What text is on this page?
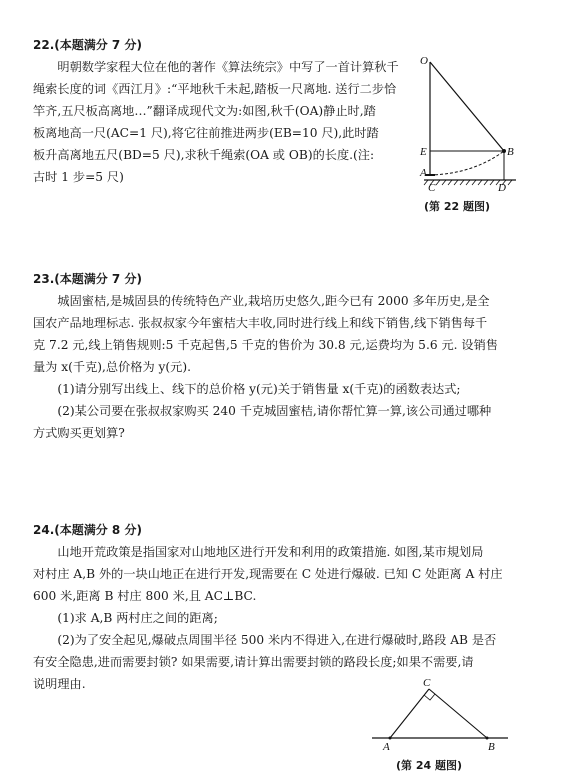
22.(本题满分 7 分)

明朝数学家程大位在他的著作《算法统宗》中写了一首计算秋千

绳索长度的词《西江月》:“平地秋千未起,踏板一尺离地. 送行二步恰

竿齐,五尺板高离地…”翻译成现代文为:如图,秋千(OA)静止时,踏

板离地高一尺(AC=1 尺),将它往前推进两步(EB=10 尺),此时踏

板升高离地五尺(BD=5 尺),求秋千绳索(OA 或 OB)的长度.(注:

古时 1 步=5 尺)

O
E
A
B
C	D
(第 22 题图)
23.(本题满分 7 分)

城固蜜桔,是城固县的传统特色产业,栽培历史悠久,距今已有 2000 多年历史,是全

国农产品地理标志. 张叔叔家今年蜜桔大丰收,同时进行线上和线下销售,线下销售每千

克 7.2 元,线上销售规则:5 千克起售,5 千克的售价为 30.8 元,运费均为 5.6 元. 设销售

量为 x(千克),总价格为 y(元).

(1)请分别写出线上、线下的总价格 y(元)关于销售量 x(千克)的函数表达式;

(2)某公司要在张叔叔家购买 240 千克城固蜜桔,请你帮忙算一算,该公司通过哪种

方式购买更划算?

24.(本题满分 8 分)

山地开荒政策是指国家对山地地区进行开发和利用的政策措施. 如图,某市規划局

对村庄 A,B 外的一块山地正在进行开发,现需要在 C 处进行爆破. 已知 C 处距离 A 村庄

600 米,距离 B 村庄 800 米,且 AC⊥BC.

(1)求 A,B 两村庄之间的距离;

(2)为了安全起见,爆破点周围半径 500 米内不得进入,在进行爆破时,路段 AB 是否

有安全隐患,进而需要封锁? 如果需要,请计算出需要封锁的路段长度;如果不需要,请

说明理由.	C
A	B
(第 24 题图)
